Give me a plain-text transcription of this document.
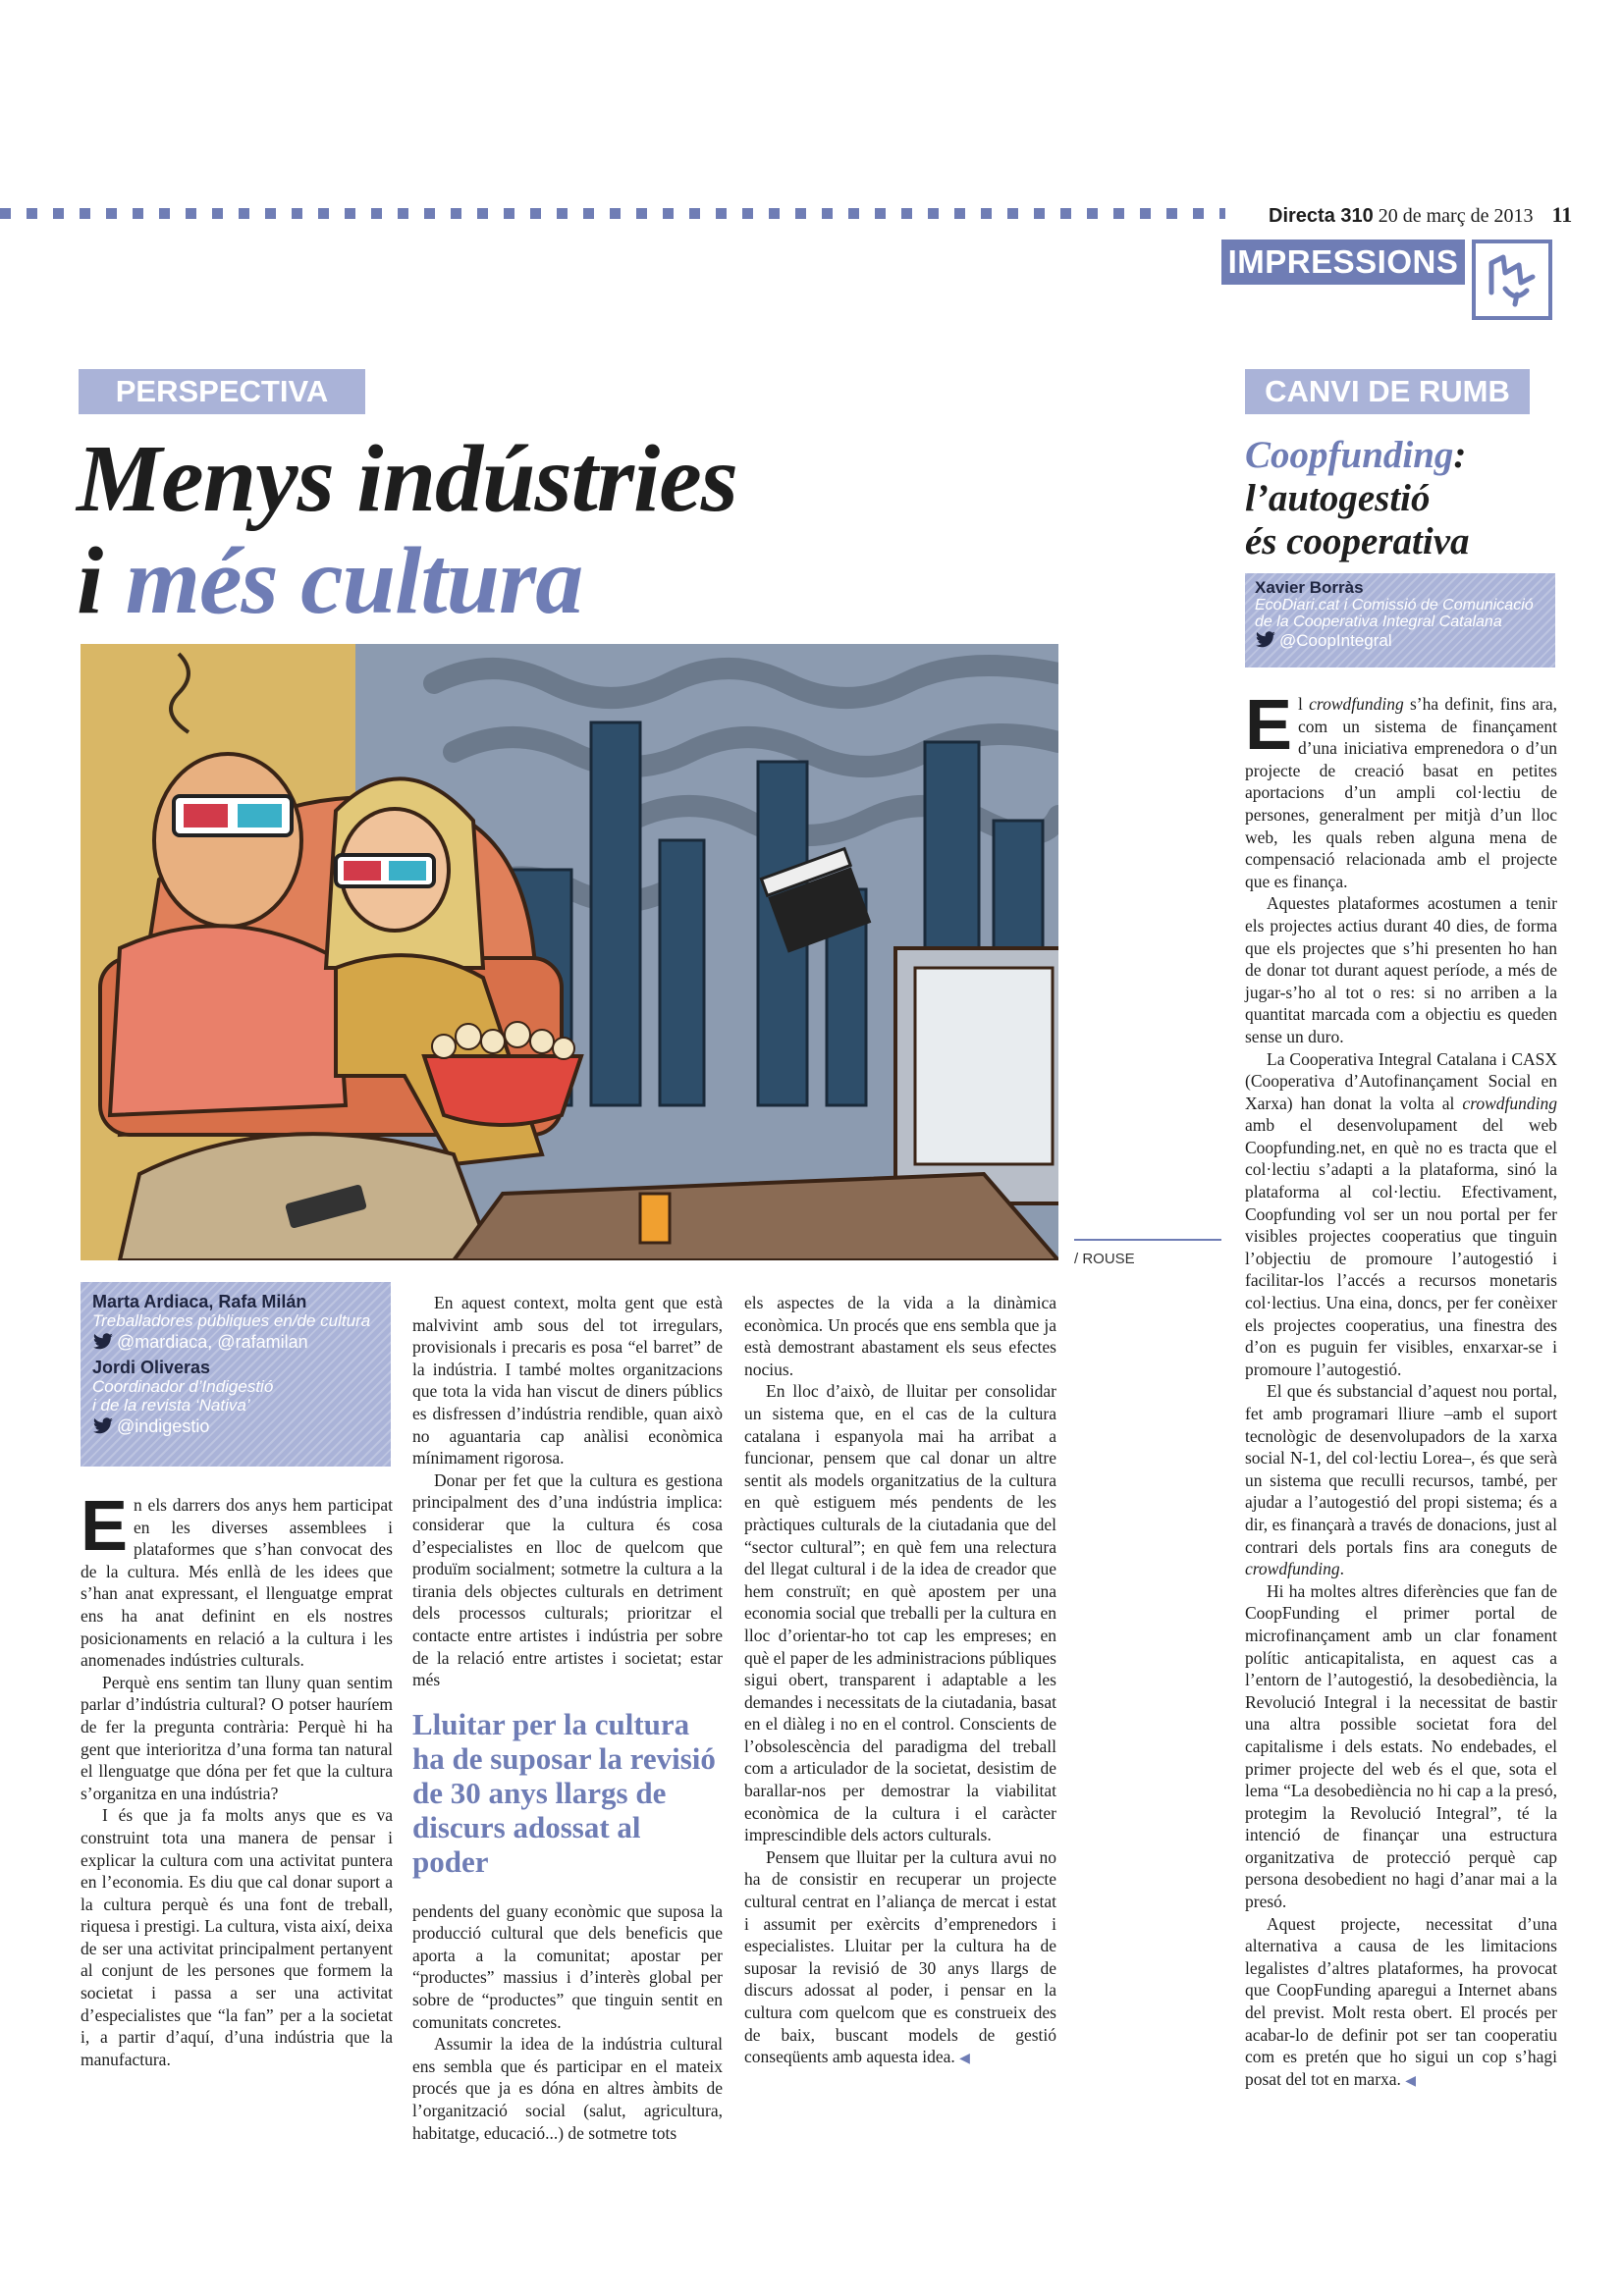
Directa 310 20 de març de 2013 11
IMPRESSIONS
PERSPECTIVA
Menys indústries
i més cultura
/ ROUSE
Marta Ardiaca, Rafa Milán
Treballadores públiques en/de cultura
@mardiaca, @rafamilan
Jordi Oliveras
Coordinador d’Indigestió
i de la revista ‘Nativa’
@indigestio

En els darrers dos anys hem participat en les diverses assemblees i plataformes que s’han convocat des de la cultura. Més enllà de les idees que s’han anat expressant, el llenguatge emprat ens ha anat definint en els nostres posicionaments en relació a la cultura i les anomenades indústries culturals.

Perquè ens sentim tan lluny quan sentim parlar d’indústria cultural? O potser hauríem de fer la pregunta contrària: Perquè hi ha gent que interioritza d’una forma tan natural el llenguatge que dóna per fet que la cultura s’organitza en una indústria?

I és que ja fa molts anys que es va construint tota una manera de pensar i explicar la cultura com una activitat puntera en l’economia. Es diu que cal donar suport a la cultura perquè és una font de treball, riquesa i prestigi. La cultura, vista així, deixa de ser una activitat principalment pertanyent al conjunt de les persones que formem la societat i passa a ser una activitat d’especialistes que “la fan” per a la societat i, a partir d’aquí, d’una indústria que la manufactura.

En aquest context, molta gent que està malvivint amb sous del tot irregulars, provisionals i precaris es posa “el barret” de la indústria. I també moltes organitzacions que tota la vida han viscut de diners públics es disfressen d’indústria rendible, quan això no aguantaria cap anàlisi econòmica mínimament rigorosa.

Donar per fet que la cultura es gestiona principalment des d’una indústria implica: considerar que la cultura és cosa d’especialistes en lloc de quelcom que produïm socialment; sotmetre la cultura a la tirania dels objectes culturals en detriment dels processos culturals; prioritzar el contacte entre artistes i indústria per sobre de la relació entre artistes i societat; estar més

Lluitar per la cultura ha de suposar la revisió de 30 anys llargs de discurs adossat al poder

pendents del guany econòmic que suposa la producció cultural que dels beneficis que aporta a la comunitat; apostar per “productes” massius i d’interès global per sobre de “productes” que tinguin sentit en comunitats concretes.

Assumir la idea de la indústria cultural ens sembla que és participar en el mateix procés que ja es dóna en altres àmbits de l’organització social (salut, agricultura, habitatge, educació...) de sotmetre tots

els aspectes de la vida a la dinàmica econòmica. Un procés que ens sembla que ja està demostrant abastament els seus efectes nocius.

En lloc d’això, de lluitar per consolidar un sistema que, en el cas de la cultura catalana i espanyola mai ha arribat a funcionar, pensem que cal donar un altre sentit als models organitzatius de la cultura en què estiguem més pendents de les pràctiques culturals de la ciutadania que del “sector cultural”; en què fem una relectura del llegat cultural i de la idea de creador que hem construït; en què apostem per una economia social que treballi per la cultura en lloc d’orientar-ho tot cap les empreses; en què el paper de les administracions públiques sigui obert, transparent i adaptable a les demandes i necessitats de la ciutadania, basat en el diàleg i no en el control. Conscients de l’obsolescència del paradigma del treball com a articulador de la societat, desistim de barallar-nos per demostrar la viabilitat econòmica de la cultura i el caràcter imprescindible dels actors culturals.

Pensem que lluitar per la cultura avui no ha de consistir en recuperar un projecte cultural centrat en l’aliança de mercat i estat i assumit per exèrcits d’emprenedors i especialistes. Lluitar per la cultura ha de suposar la revisió de 30 anys llargs de discurs adossat al poder, i pensar en la cultura com quelcom que es construeix des de baix, buscant models de gestió conseqüents amb aquesta idea. ◀

CANVI DE RUMB
Coopfunding:
l’autogestió
és cooperativa
Xavier Borràs
EcoDiari.cat i Comissió de Comunicació
de la Cooperativa Integral Catalana
@CoopIntegral

El crowdfunding s’ha definit, fins ara, com un sistema de finançament d’una iniciativa emprenedora o d’un projecte de creació basat en petites aportacions d’un ampli col·lectiu de persones, generalment per mitjà d’un lloc web, les quals reben alguna mena de compensació relacionada amb el projecte que es finança.

Aquestes plataformes acostumen a tenir els projectes actius durant 40 dies, de forma que els projectes que s’hi presenten ho han de donar tot durant aquest període, a més de jugar-s’ho al tot o res: si no arriben a la quantitat marcada com a objectiu es queden sense un duro.

La Cooperativa Integral Catalana i CASX (Cooperativa d’Autofinançament Social en Xarxa) han donat la volta al crowdfunding amb el desenvolupament del web Coopfunding.net, en què no es tracta que el col·lectiu s’adapti a la plataforma, sinó la plataforma al col·lectiu. Efectivament, Coopfunding vol ser un nou portal per fer visibles projectes cooperatius que tinguin l’objectiu de promoure l’autogestió i facilitar-los l’accés a recursos monetaris col·lectius. Una eina, doncs, per fer conèixer els projectes cooperatius, una finestra des d’on es puguin fer visibles, enxarxar-se i promoure l’autogestió.

El que és substancial d’aquest nou portal, fet amb programari lliure –amb el suport tecnològic de desenvolupadors de la xarxa social N-1, del col·lectiu Lorea–, és que serà un sistema que reculli recursos, també, per ajudar a l’autogestió del propi sistema; és a dir, es finançarà a través de donacions, just al contrari dels portals fins ara coneguts de crowdfunding.

Hi ha moltes altres diferències que fan de CoopFunding el primer portal de microfinançament amb un clar fonament polític anticapitalista, en aquest cas a l’entorn de l’autogestió, la desobediència, la Revolució Integral i la necessitat de bastir una altra possible societat fora del capitalisme i dels estats. No endebades, el primer projecte del web és el que, sota el lema “La desobediència no hi cap a la presó, protegim la Revolució Integral”, té la intenció de finançar una estructura organitzativa de protecció perquè cap persona desobedient no hagi d’anar mai a la presó.

Aquest projecte, necessitat d’una alternativa a causa de les limitacions legalistes d’altres plataformes, ha provocat que CoopFunding aparegui a Internet abans del previst. Molt resta obert. El procés per acabar-lo de definir pot ser tan cooperatiu com es pretén que ho sigui un cop s’hagi posat del tot en marxa. ◀
